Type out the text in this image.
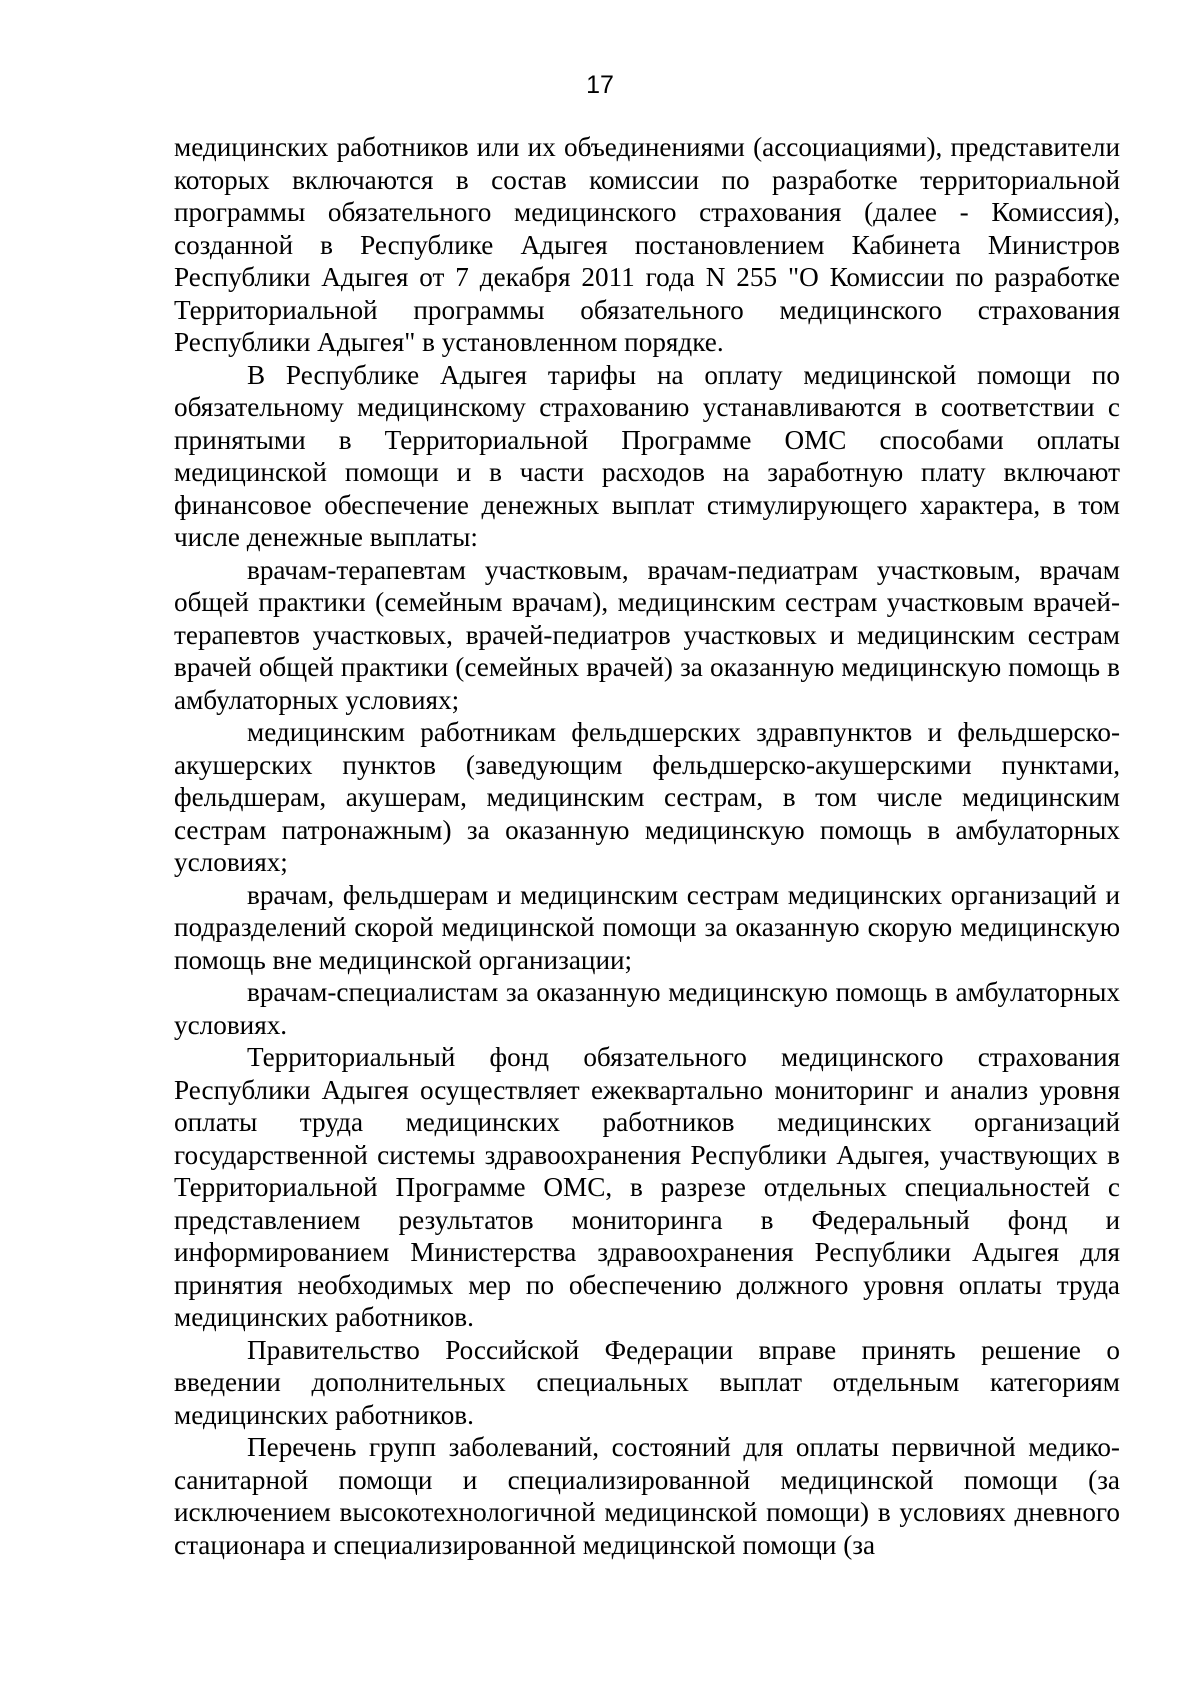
17

медицинских работников или их объединениями (ассоциациями), представители которых включаются в состав комиссии по разработке территориальной программы обязательного медицинского страхования (далее - Комиссия), созданной в Республике Адыгея постановлением Кабинета Министров Республики Адыгея от 7 декабря 2011 года N 255 "О Комиссии по разработке Территориальной программы обязательного медицинского страхования Республики Адыгея" в установленном порядке.

В Республике Адыгея тарифы на оплату медицинской помощи по обязательному медицинскому страхованию устанавливаются в соответствии с принятыми в Территориальной Программе ОМС способами оплаты медицинской помощи и в части расходов на заработную плату включают финансовое обеспечение денежных выплат стимулирующего характера, в том числе денежные выплаты:

врачам-терапевтам участковым, врачам-педиатрам участковым, врачам общей практики (семейным врачам), медицинским сестрам участковым врачей-терапевтов участковых, врачей-педиатров участковых и медицинским сестрам врачей общей практики (семейных врачей) за оказанную медицинскую помощь в амбулаторных условиях;

медицинским работникам фельдшерских здравпунктов и фельдшерско-акушерских пунктов (заведующим фельдшерско-акушерскими пунктами, фельдшерам, акушерам, медицинским сестрам, в том числе медицинским сестрам патронажным) за оказанную медицинскую помощь в амбулаторных условиях;

врачам, фельдшерам и медицинским сестрам медицинских организаций и подразделений скорой медицинской помощи за оказанную скорую медицинскую помощь вне медицинской организации;

врачам-специалистам за оказанную медицинскую помощь в амбулаторных условиях.

Территориальный фонд обязательного медицинского страхования Республики Адыгея осуществляет ежеквартально мониторинг и анализ уровня оплаты труда медицинских работников медицинских организаций государственной системы здравоохранения Республики Адыгея, участвующих в Территориальной Программе ОМС, в разрезе отдельных специальностей с представлением результатов мониторинга в Федеральный фонд и информированием Министерства здравоохранения Республики Адыгея для принятия необходимых мер по обеспечению должного уровня оплаты труда медицинских работников.

Правительство Российской Федерации вправе принять решение о введении дополнительных специальных выплат отдельным категориям медицинских работников.

Перечень групп заболеваний, состояний для оплаты первичной медико-санитарной помощи и специализированной медицинской помощи (за исключением высокотехнологичной медицинской помощи) в условиях дневного стационара и специализированной медицинской помощи (за
